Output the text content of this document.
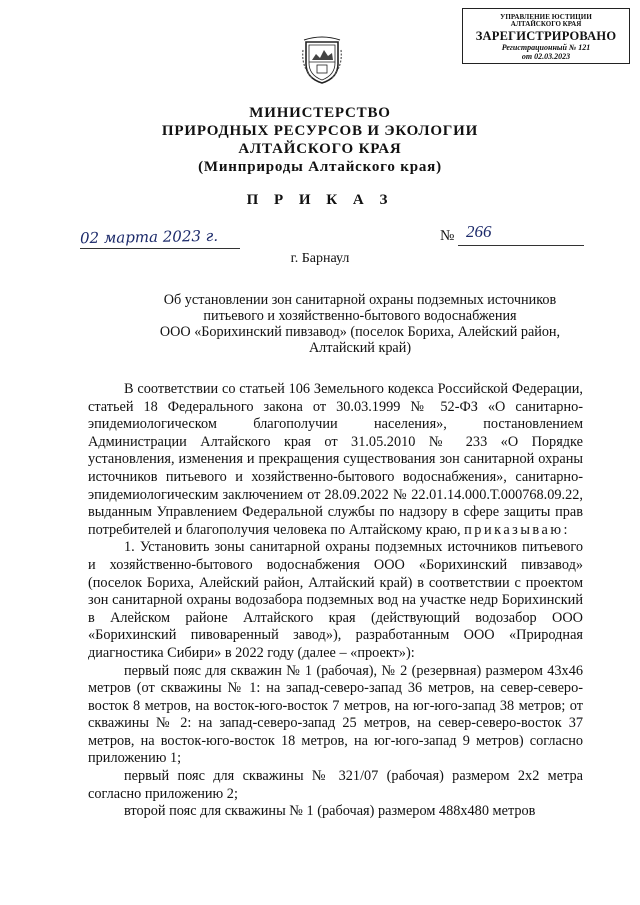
УПРАВЛЕНИЕ ЮСТИЦИИ
АЛТАЙСКОГО КРАЯ
ЗАРЕГИСТРИРОВАНО
Регистрационный № 121
от 02.03.2023
МИНИСТЕРСТВО
ПРИРОДНЫХ РЕСУРСОВ И ЭКОЛОГИИ
АЛТАЙСКОГО КРАЯ
(Минприроды Алтайского края)
П Р И К А З
02 марта 2023 г.	№ 266
г. Барнаул
Об установлении зон санитарной охраны подземных источников
питьевого и хозяйственно-бытового водоснабжения
ООО «Борихинский пивзавод» (поселок Бориха, Алейский район,
Алтайский край)

В соответствии со статьей 106 Земельного кодекса Российской Федерации, статьей 18 Федерального закона от 30.03.1999 № 52-ФЗ «О санитарно-эпидемиологическом благополучии населения», постановлением Администрации Алтайского края от 31.05.2010 № 233 «О Порядке установления, изменения и прекращения существования зон санитарной охраны источников питьевого и хозяйственно-бытового водоснабжения», санитарно-эпидемиологическим заключением от 28.09.2022 № 22.01.14.000.Т.000768.09.22, выданным Управлением Федеральной службы по надзору в сфере защиты прав потребителей и благополучия человека по Алтайскому краю, приказываю:

1. Установить зоны санитарной охраны подземных источников питьевого и хозяйственно-бытового водоснабжения ООО «Борихинский пивзавод» (поселок Бориха, Алейский район, Алтайский край) в соответствии с проектом зон санитарной охраны водозабора подземных вод на участке недр Борихинский в Алейском районе Алтайского края (действующий водозабор ООО «Борихинский пивоваренный завод»), разработанным ООО «Природная диагностика Сибири» в 2022 году (далее – «проект»):

первый пояс для скважин № 1 (рабочая), № 2 (резервная) размером 43х46 метров (от скважины № 1: на запад-северо-запад 36 метров, на север-северо-восток 8 метров, на восток-юго-восток 7 метров, на юг-юго-запад 38 метров; от скважины № 2: на запад-северо-запад 25 метров, на север-северо-восток 37 метров, на восток-юго-восток 18 метров, на юг-юго-запад 9 метров) согласно приложению 1;

первый пояс для скважины № 321/07 (рабочая) размером 2х2 метра согласно приложению 2;

второй пояс для скважины № 1 (рабочая) размером 488х480 метров
